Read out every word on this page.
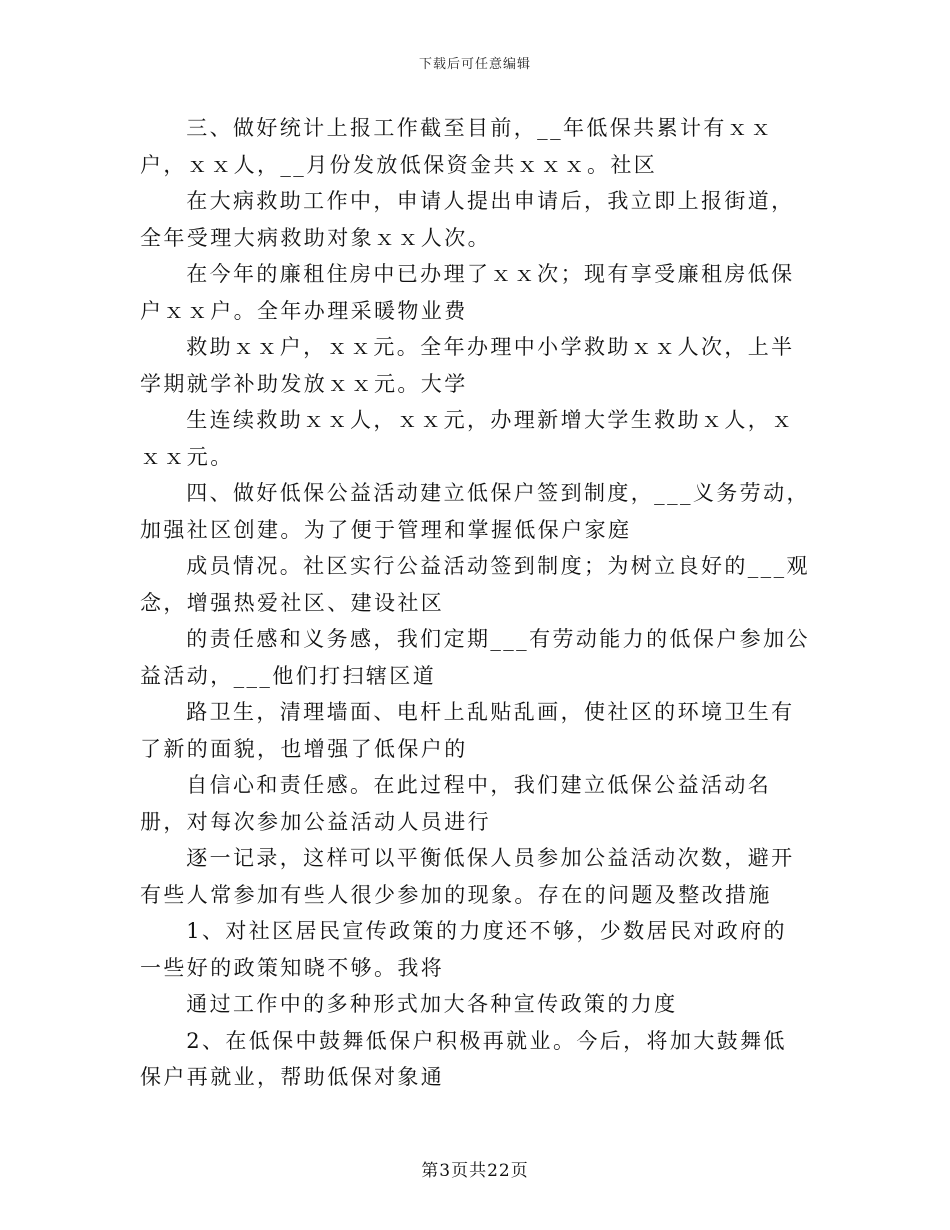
下载后可任意编辑

三、做好统计上报工作截至目前，__年低保共累计有ｘｘ户，ｘｘ人，__月份发放低保资金共ｘｘｘ。社区

在大病救助工作中，申请人提出申请后，我立即上报街道，全年受理大病救助对象ｘｘ人次。

在今年的廉租住房中已办理了ｘｘ次；现有享受廉租房低保户ｘｘ户。全年办理采暖物业费

救助ｘｘ户，ｘｘ元。全年办理中小学救助ｘｘ人次，上半学期就学补助发放ｘｘ元。大学

生连续救助ｘｘ人，ｘｘ元，办理新增大学生救助ｘ人，ｘｘｘ元。

四、做好低保公益活动建立低保户签到制度，___义务劳动，加强社区创建。为了便于管理和掌握低保户家庭

成员情况。社区实行公益活动签到制度；为树立良好的___观念，增强热爱社区、建设社区

的责任感和义务感，我们定期___有劳动能力的低保户参加公益活动，___他们打扫辖区道

路卫生，清理墙面、电杆上乱贴乱画，使社区的环境卫生有了新的面貌，也增强了低保户的

自信心和责任感。在此过程中，我们建立低保公益活动名册，对每次参加公益活动人员进行

逐一记录，这样可以平衡低保人员参加公益活动次数，避开有些人常参加有些人很少参加的现象。存在的问题及整改措施

1、对社区居民宣传政策的力度还不够，少数居民对政府的一些好的政策知晓不够。我将

通过工作中的多种形式加大各种宣传政策的力度

2、在低保中鼓舞低保户积极再就业。今后，将加大鼓舞低保户再就业，帮助低保对象通

第3页共22页
